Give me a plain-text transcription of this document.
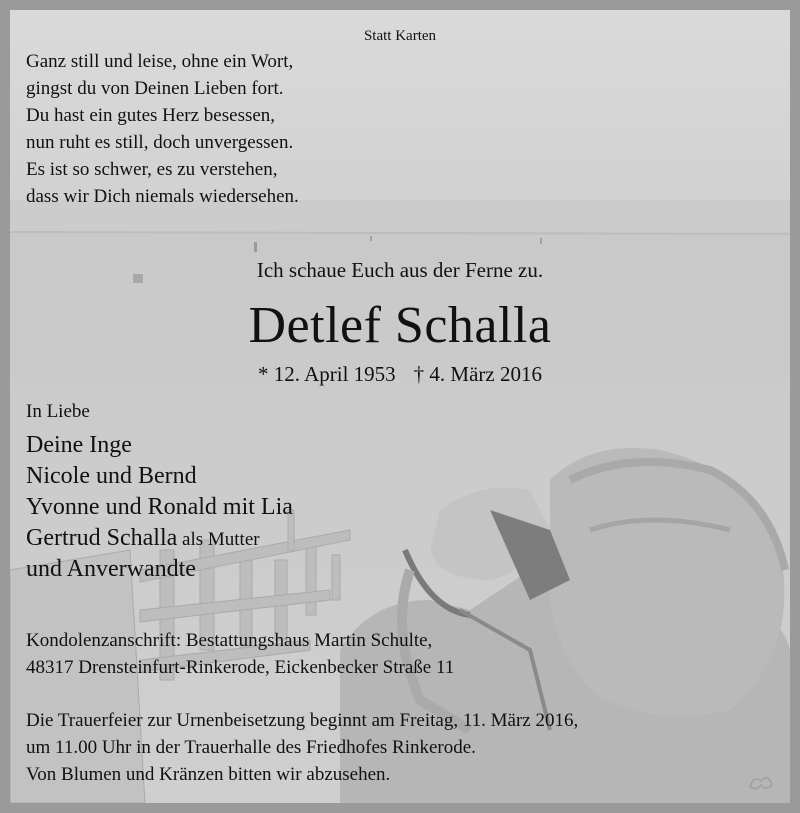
Statt Karten
Ganz still und leise, ohne ein Wort,
gingst du von Deinen Lieben fort.
Du hast ein gutes Herz besessen,
nun ruht es still, doch unvergessen.
Es ist so schwer, es zu verstehen,
dass wir Dich niemals wiedersehen.
Ich schaue Euch aus der Ferne zu.
Detlef Schalla
* 12. April 1953 † 4. März 2016
In Liebe
Deine Inge
Nicole und Bernd
Yvonne und Ronald mit Lia
Gertrud Schalla als Mutter
und Anverwandte
Kondolenzanschrift: Bestattungshaus Martin Schulte,
48317 Drensteinfurt-Rinkerode, Eickenbecker Straße 11
Die Trauerfeier zur Urnenbeisetzung beginnt am Freitag, 11. März 2016,
um 11.00 Uhr in der Trauerhalle des Friedhofes Rinkerode.
Von Blumen und Kränzen bitten wir abzusehen.
